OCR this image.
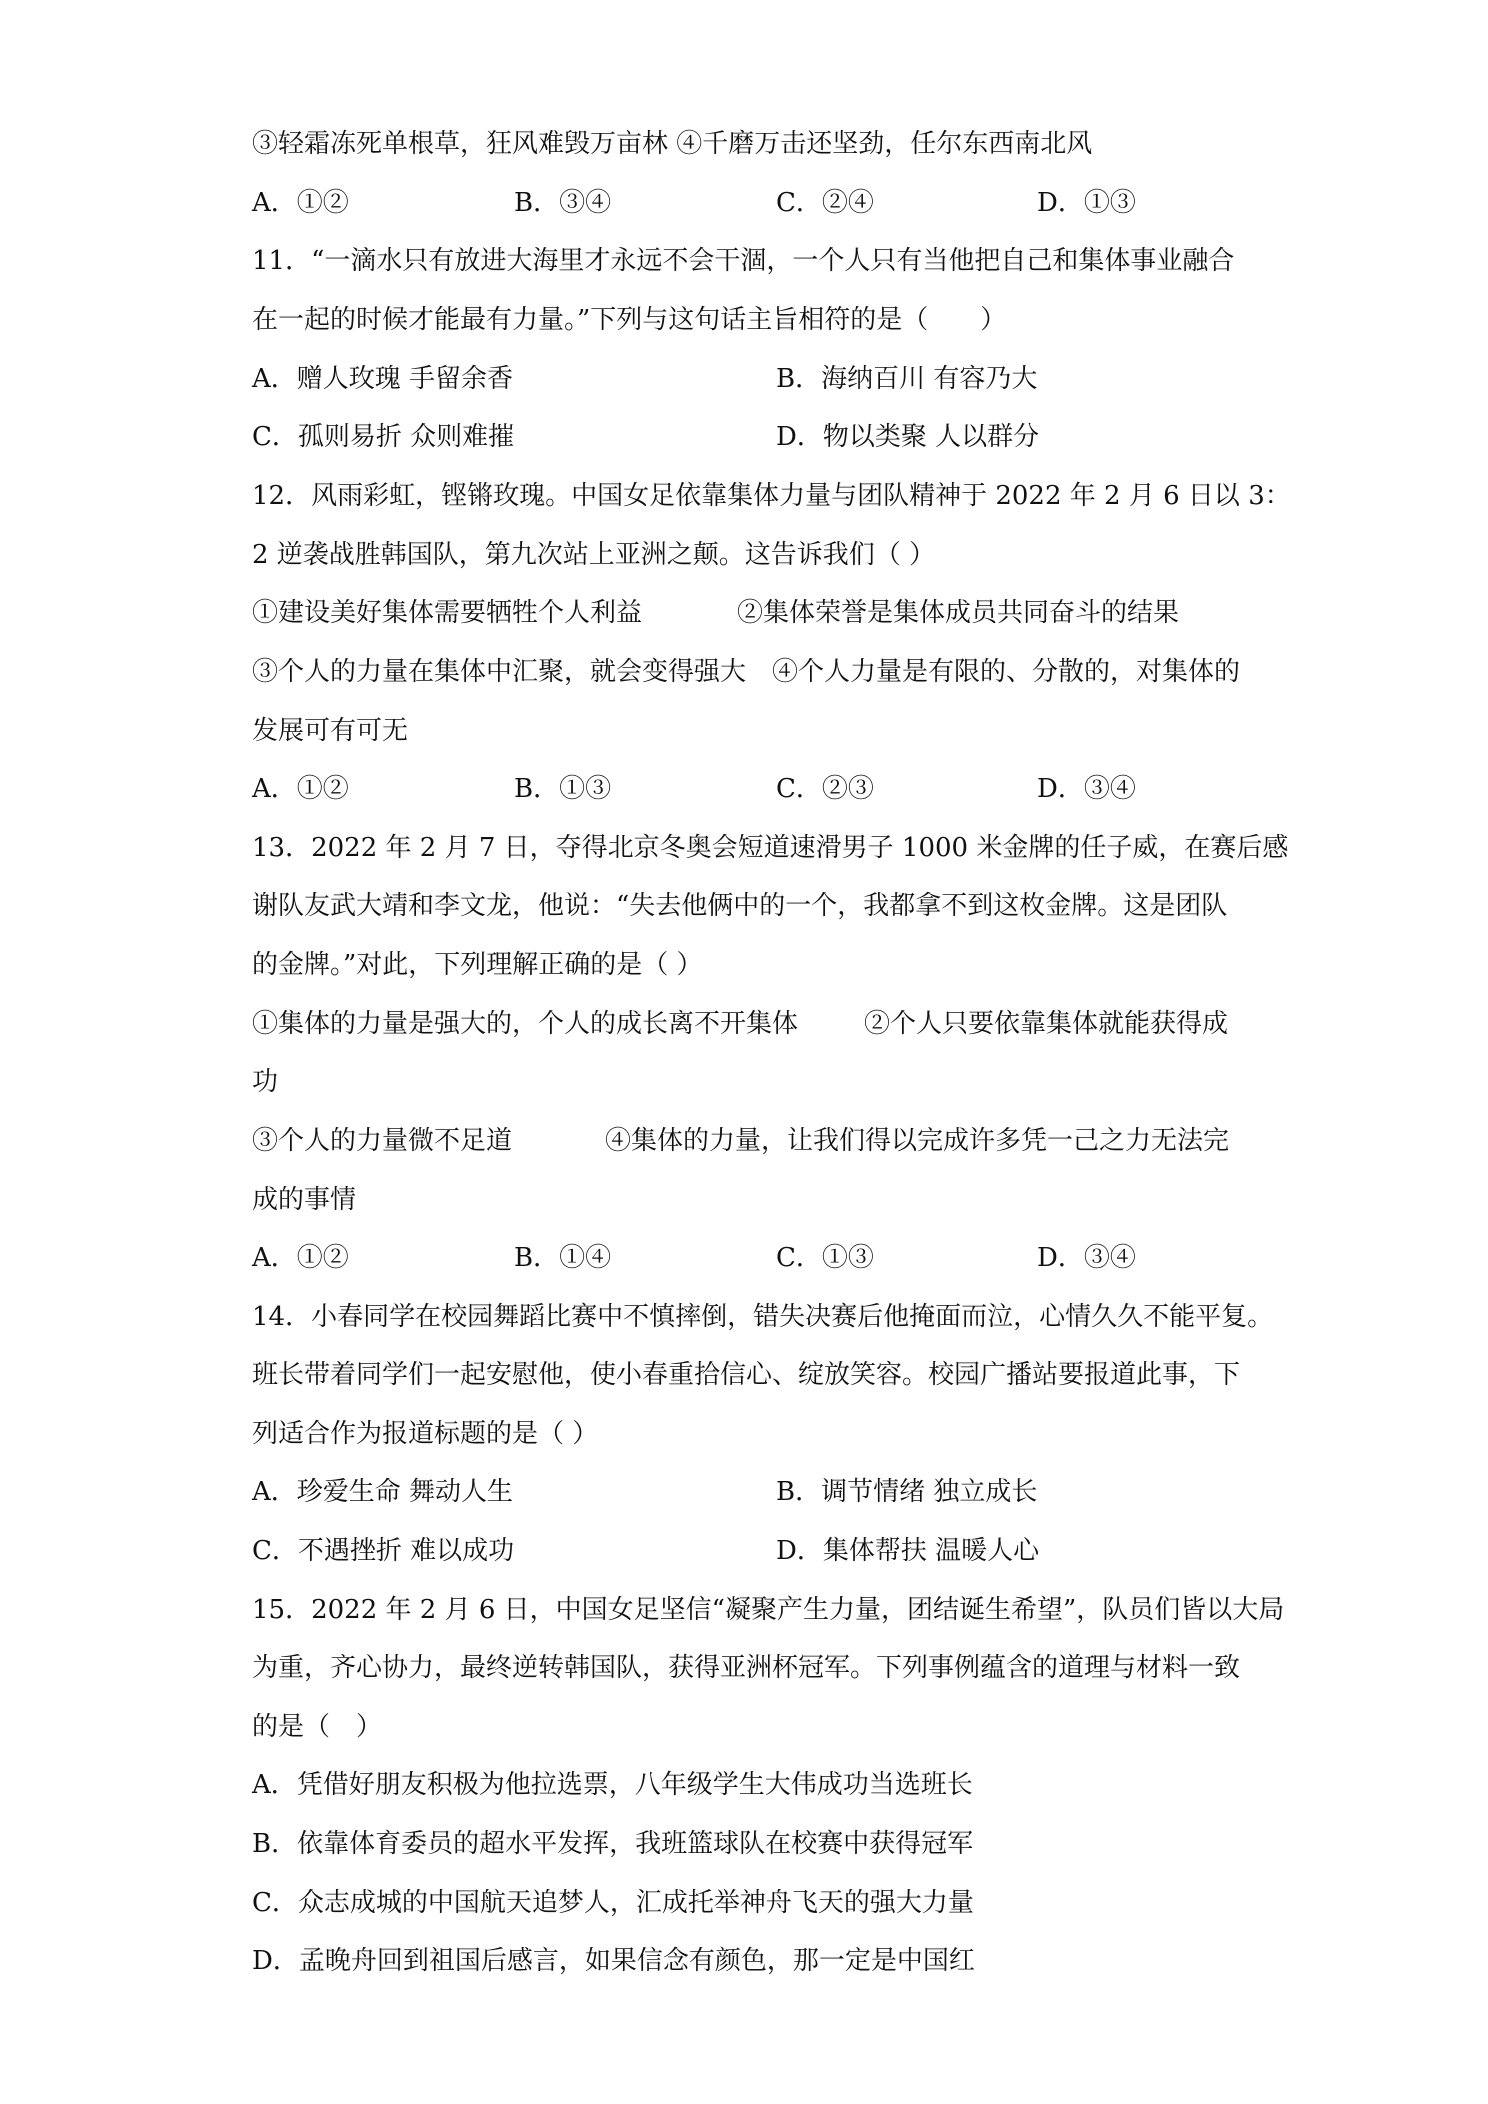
③轻霜冻死单根草，狂风难毁万亩林 ④千磨万击还坚劲，任尔东西南北风
A．①②	B．③④	C．②④	D．①③
11．“一滴水只有放进大海里才永远不会干涸，一个人只有当他把自己和集体事业融合
在一起的时候才能最有力量。”下列与这句话主旨相符的是（　　）
A．赠人玫瑰 手留余香	B．海纳百川 有容乃大
C．孤则易折 众则难摧	D．物以类聚 人以群分
12．风雨彩虹，铿锵玫瑰。中国女足依靠集体力量与团队精神于 2022 年 2 月 6 日以 3：
2 逆袭战胜韩国队，第九次站上亚洲之颠。这告诉我们（ ）
①建设美好集体需要牺牲个人利益	②集体荣誉是集体成员共同奋斗的结果
③个人的力量在集体中汇聚，就会变得强大　④个人力量是有限的、分散的，对集体的
发展可有可无
A．①②	B．①③	C．②③	D．③④
13．2022 年 2 月 7 日，夺得北京冬奥会短道速滑男子 1000 米金牌的任子威，在赛后感
谢队友武大靖和李文龙，他说：“失去他俩中的一个，我都拿不到这枚金牌。这是团队
的金牌。”对此，下列理解正确的是（ ）
①集体的力量是强大的，个人的成长离不开集体	②个人只要依靠集体就能获得成
功
③个人的力量微不足道	④集体的力量，让我们得以完成许多凭一己之力无法完
成的事情
A．①②	B．①④	C．①③	D．③④
14．小春同学在校园舞蹈比赛中不慎摔倒，错失决赛后他掩面而泣，心情久久不能平复。
班长带着同学们一起安慰他，使小春重拾信心、绽放笑容。校园广播站要报道此事，下
列适合作为报道标题的是（ ）
A．珍爱生命 舞动人生	B．调节情绪 独立成长
C．不遇挫折 难以成功	D．集体帮扶 温暖人心
15．2022 年 2 月 6 日，中国女足坚信“凝聚产生力量，团结诞生希望”，队员们皆以大局
为重，齐心协力，最终逆转韩国队，获得亚洲杯冠军。下列事例蕴含的道理与材料一致
的是（　）
A．凭借好朋友积极为他拉选票，八年级学生大伟成功当选班长
B．依靠体育委员的超水平发挥，我班篮球队在校赛中获得冠军
C．众志成城的中国航天追梦人，汇成托举神舟飞天的强大力量
D．孟晚舟回到祖国后感言，如果信念有颜色，那一定是中国红
